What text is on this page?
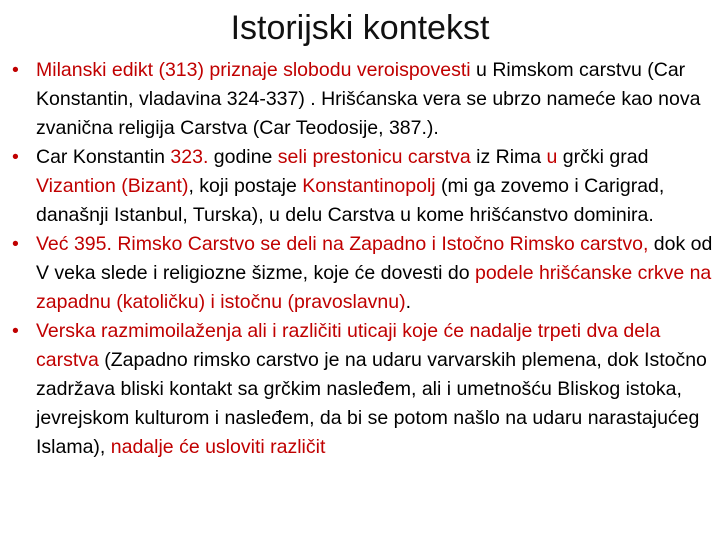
Istorijski kontekst
• Milanski edikt (313) priznaje slobodu veroispovesti u Rimskom carstvu (Car Konstantin, vladavina 324-337) . Hrišćanska vera se ubrzo nameće kao nova zvanična religija Carstva (Car Teodosije, 387.).
• Car Konstantin 323. godine seli prestonicu carstva iz Rima u grčki grad Vizantion (Bizant), koji postaje Konstantinopolj (mi ga zovemo i Carigrad, današnji Istanbul, Turska), u delu Carstva u kome hrišćanstvo dominira.
• Već 395. Rimsko Carstvo se deli na Zapadno i Istočno Rimsko carstvo, dok od V veka slede i religiozne šizme, koje će dovesti do podele hrišćanske crkve na zapadnu (katoličku) i istočnu (pravoslavnu).
• Verska razmimoilaženja ali i različiti uticaji koje će nadalje trpeti dva dela carstva (Zapadno rimsko carstvo je na udaru varvarskih plemena, dok Istočno zadržava bliski kontakt sa grčkim nasleđem, ali i umetnošću Bliskog istoka, jevrejskom kulturom i nasleđem, da bi se potom našlo na udaru narastajućeg Islama), nadalje će usloviti različit
